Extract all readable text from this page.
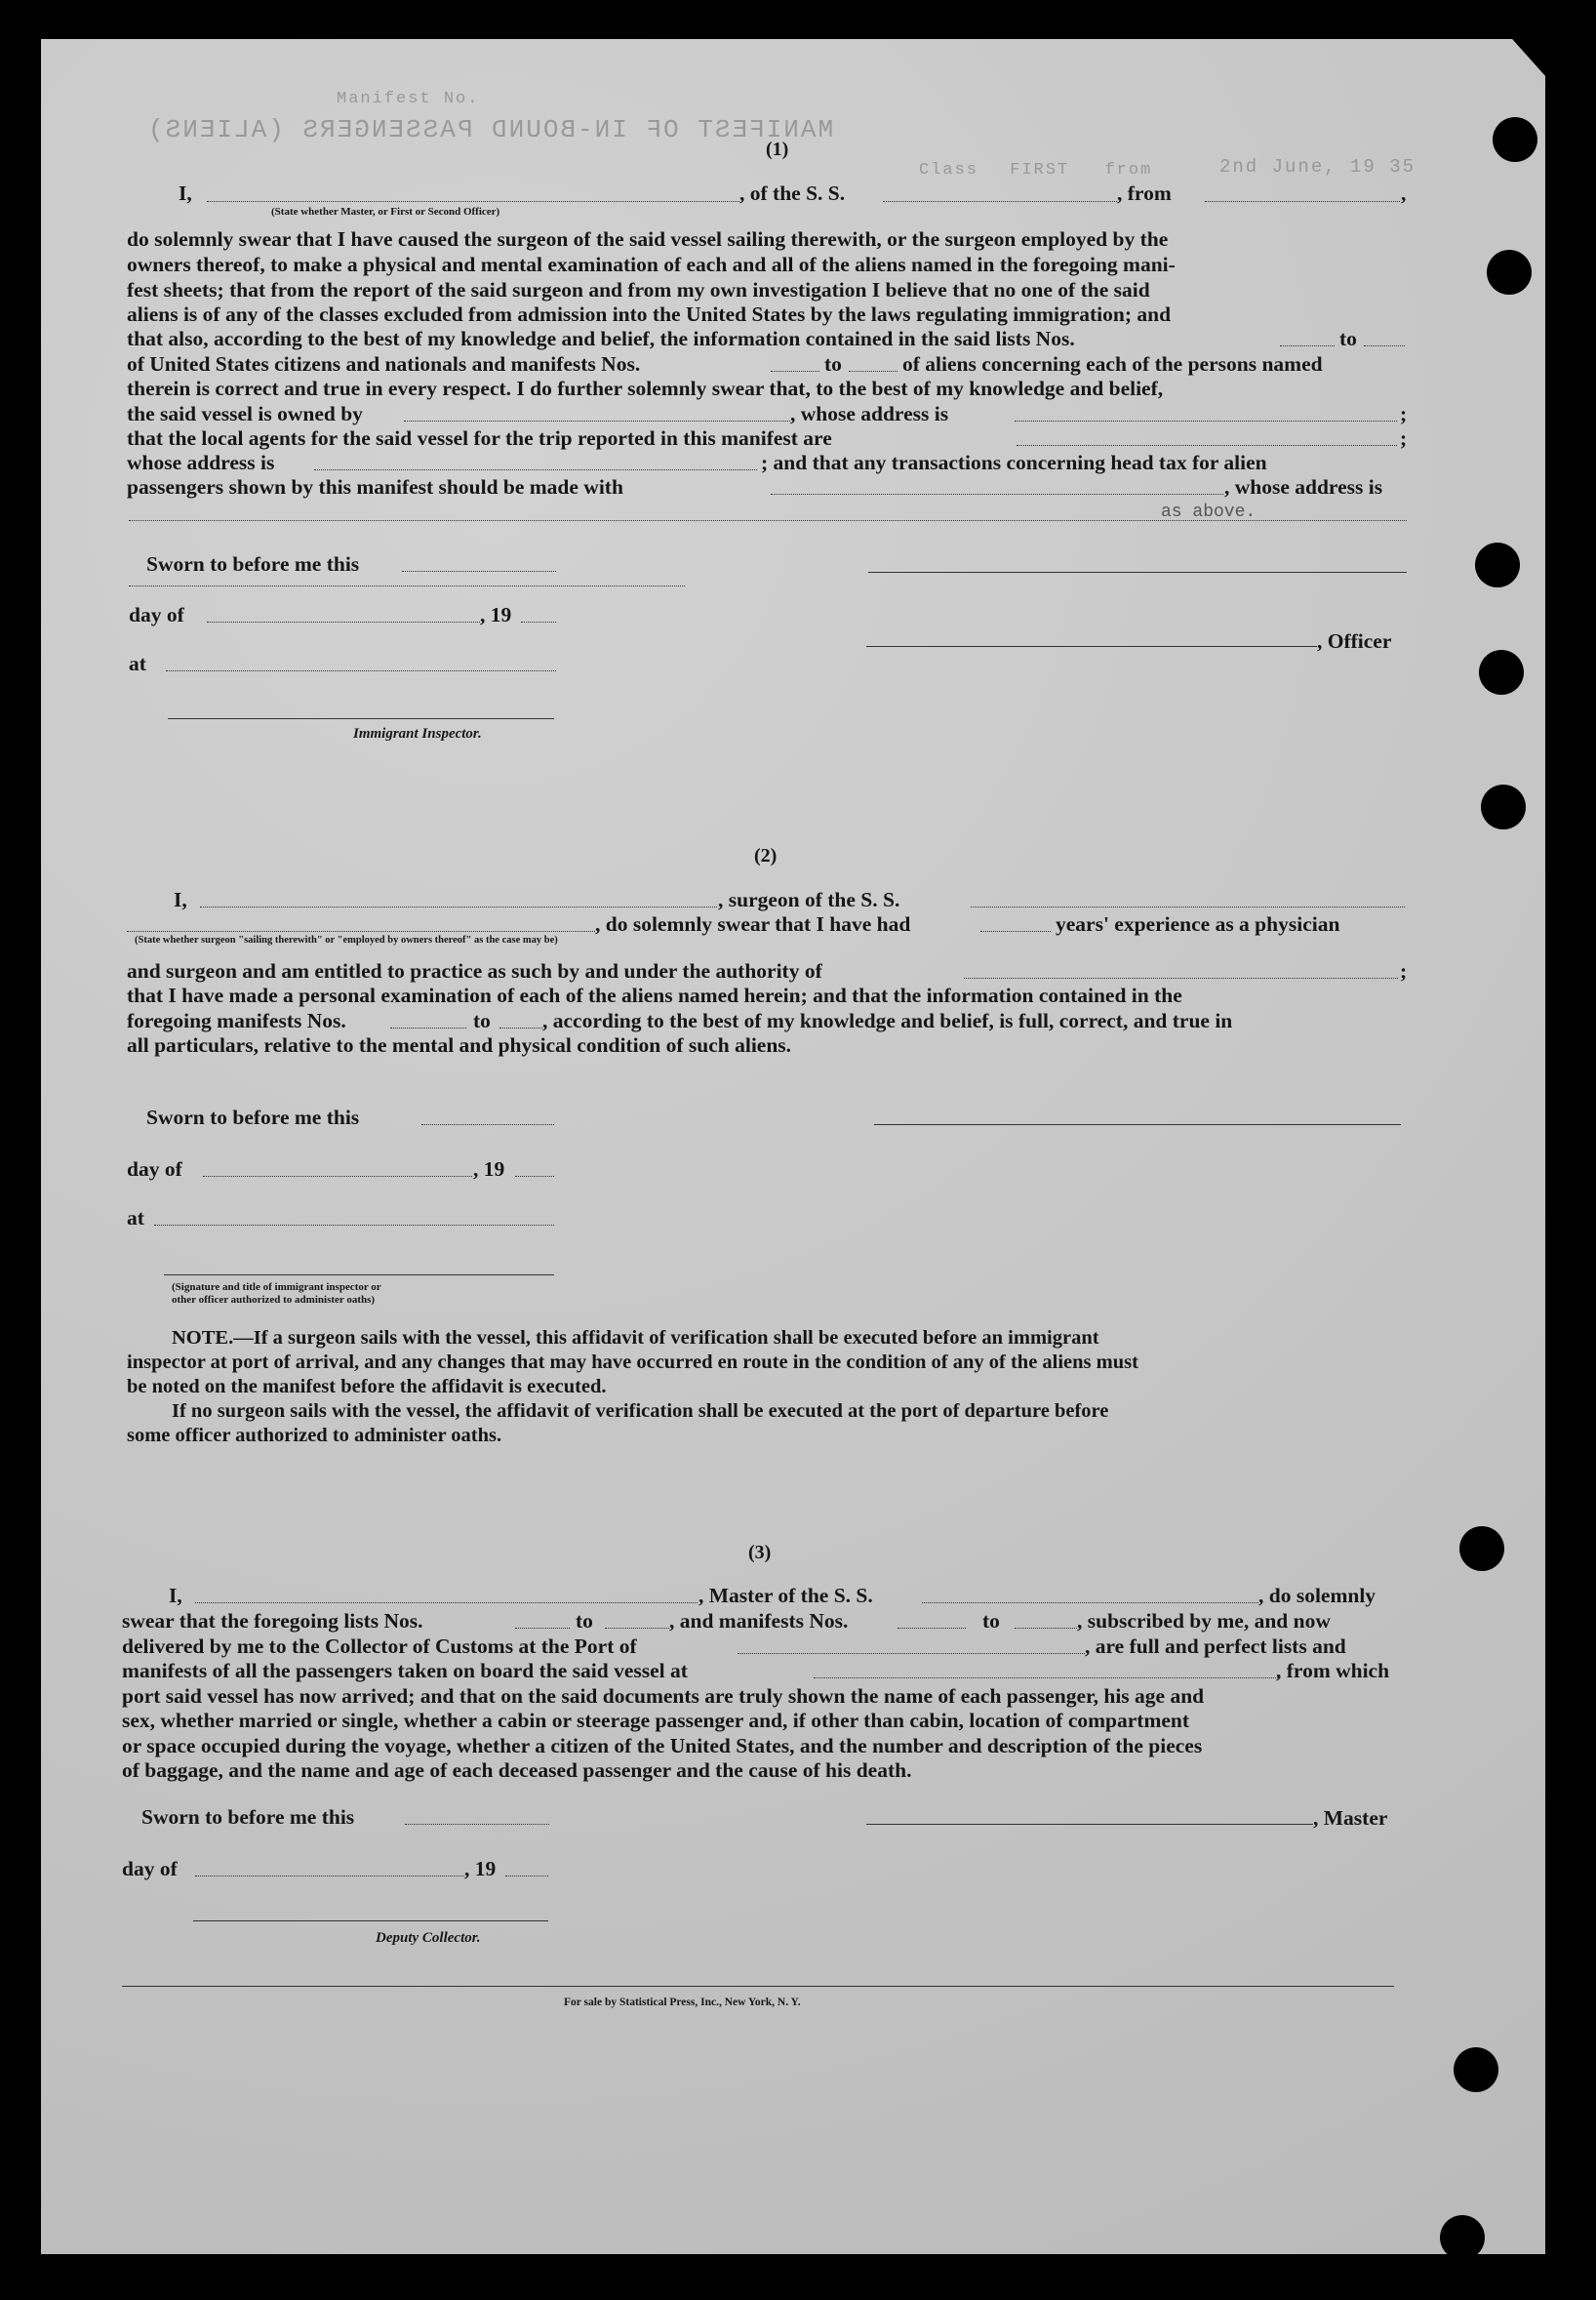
Manifest No.
MANIFEST OF IN-BOUND PASSENGERS (ALIENS)
Class FIRST from	2nd June, 19 35
(1)
I,	, of the S. S.	, from	,
(State whether Master, or First or Second Officer)
do solemnly swear that I have caused the surgeon of the said vessel sailing therewith, or the surgeon employed by the
owners thereof, to make a physical and mental examination of each and all of the aliens named in the foregoing mani-
fest sheets; that from the report of the said surgeon and from my own investigation I believe that no one of the said
aliens is of any of the classes excluded from admission into the United States by the laws regulating immigration; and
that also, according to the best of my knowledge and belief, the information contained in the said lists Nos.	to
of United States citizens and nationals and manifests Nos.	to	of aliens concerning each of the persons named
therein is correct and true in every respect. I do further solemnly swear that, to the best of my knowledge and belief,
the said vessel is owned by	, whose address is	;
that the local agents for the said vessel for the trip reported in this manifest are	;
whose address is	; and that any transactions concerning head tax for alien
passengers shown by this manifest should be made with	, whose address is
as above.
Sworn to before me this
day of	, 19
at
Immigrant Inspector.
, Officer
(2)
I,	, surgeon of the S. S.
, do solemnly swear that I have had	years' experience as a physician
(State whether surgeon "sailing therewith" or "employed by owners thereof" as the case may be)
and surgeon and am entitled to practice as such by and under the authority of	;
that I have made a personal examination of each of the aliens named herein; and that the information contained in the
foregoing manifests Nos.	to , according to the best of my knowledge and belief, is full, correct, and true in
all particulars, relative to the mental and physical condition of such aliens.
Sworn to before me this
day of	, 19
at
(Signature and title of immigrant inspector or
other officer authorized to administer oaths)
NOTE.—If a surgeon sails with the vessel, this affidavit of verification shall be executed before an immigrant
inspector at port of arrival, and any changes that may have occurred en route in the condition of any of the aliens must
be noted on the manifest before the affidavit is executed.
If no surgeon sails with the vessel, the affidavit of verification shall be executed at the port of departure before
some officer authorized to administer oaths.
(3)
I,	, Master of the S. S.	, do solemnly
swear that the foregoing lists Nos.	to	, and manifests Nos.	to	, subscribed by me, and now
delivered by me to the Collector of Customs at the Port of	, are full and perfect lists and
manifests of all the passengers taken on board the said vessel at	, from which
port said vessel has now arrived; and that on the said documents are truly shown the name of each passenger, his age and
sex, whether married or single, whether a cabin or steerage passenger and, if other than cabin, location of compartment
or space occupied during the voyage, whether a citizen of the United States, and the number and description of the pieces
of baggage, and the name and age of each deceased passenger and the cause of his death.
Sworn to before me this	, Master
day of	, 19
Deputy Collector.
For sale by Statistical Press, Inc., New York, N. Y.
